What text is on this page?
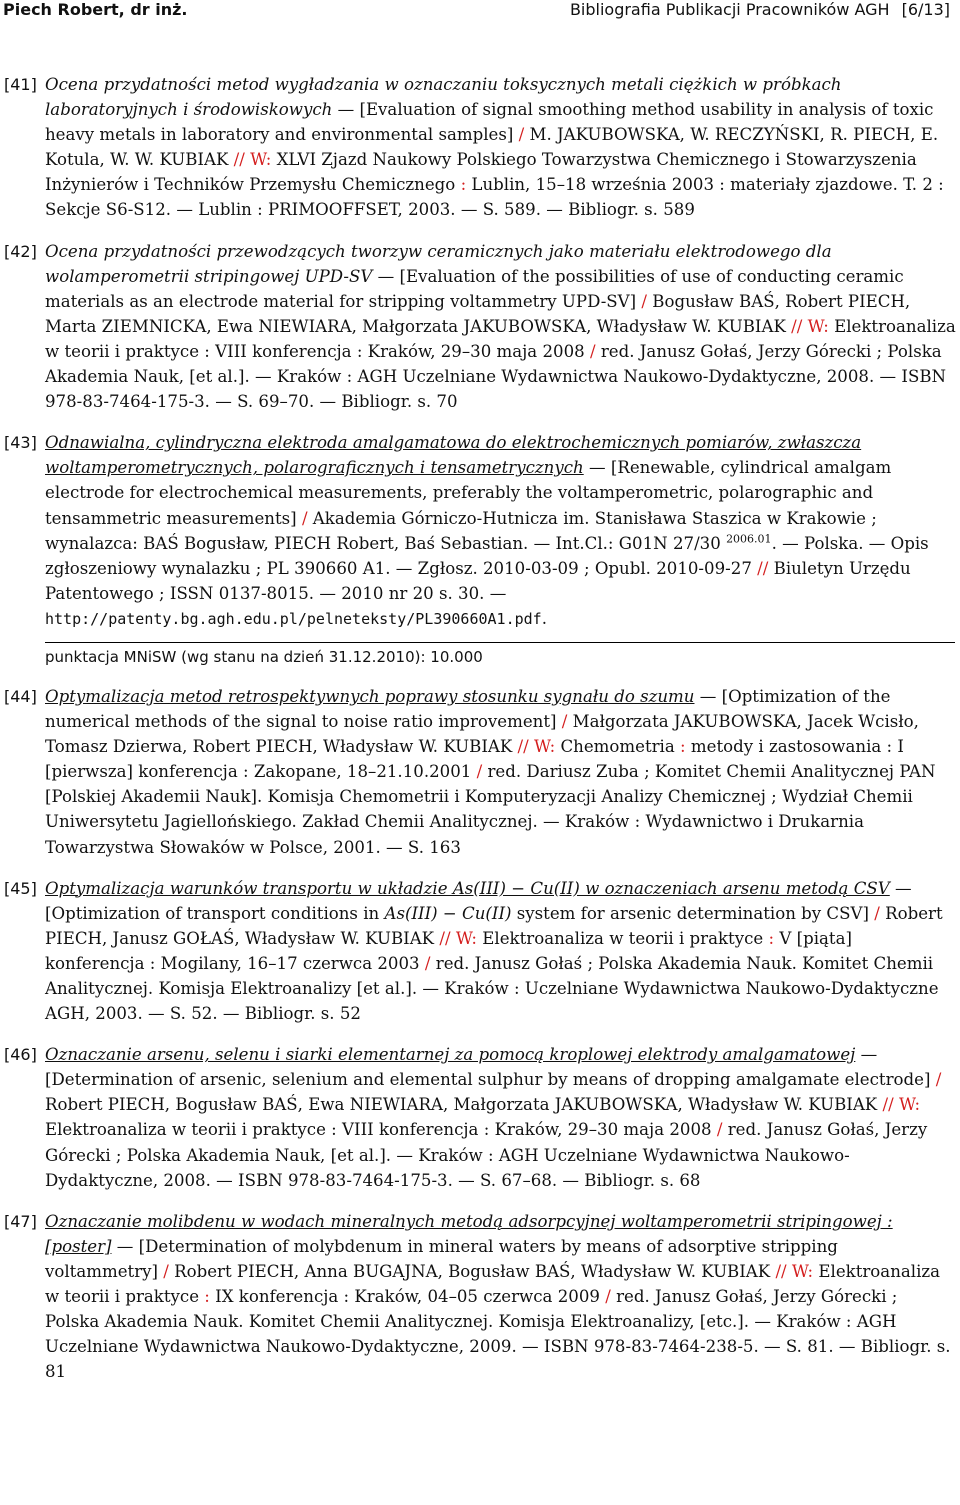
Piech Robert, dr inż.	Bibliografia Publikacji Pracowników AGH [6/13]
[41] Ocena przydatności metod wygładzania w oznaczaniu toksycznych metali ciężkich w próbkach laboratoryjnych i środowiskowych — [Evaluation of signal smoothing method usability in analysis of toxic heavy metals in laboratory and environmental samples] / M. JAKUBOWSKA, W. RECZYŃSKI, R. PIECH, E. Kotula, W. W. KUBIAK // W: XLVI Zjazd Naukowy Polskiego Towarzystwa Chemicznego i Stowarzyszenia Inżynierów i Techników Przemysłu Chemicznego : Lublin, 15–18 września 2003 : materiały zjazdowe. T. 2 : Sekcje S6-S12. — Lublin : PRIMOOFFSET, 2003. — S. 589. — Bibliogr. s. 589
[42] Ocena przydatności przewodzących tworzyw ceramicznych jako materiału elektrodowego dla wolamperometrii stripingowej UPD-SV — [Evaluation of the possibilities of use of conducting ceramic materials as an electrode material for stripping voltammetry UPD-SV] / Bogusław BAŚ, Robert PIECH, Marta ZIEMNICKA, Ewa NIEWIARA, Małgorzata JAKUBOWSKA, Władysław W. KUBIAK // W: Elektroanaliza w teorii i praktyce : VIII konferencja : Kraków, 29–30 maja 2008 / red. Janusz Gołaś, Jerzy Górecki ; Polska Akademia Nauk, [et al.]. — Kraków : AGH Uczelniane Wydawnictwa Naukowo-Dydaktyczne, 2008. — ISBN 978-83-7464-175-3. — S. 69–70. — Bibliogr. s. 70
[43] Odnawialna, cylindryczna elektroda amalgamatowa do elektrochemicznych pomiarów, zwłaszcza woltamperometrycznych, polarograficznych i tensametrycznych — [Renewable, cylindrical amalgam electrode for electrochemical measurements, preferably the voltamperometric, polarographic and tensammetric measurements] / Akademia Górniczo-Hutnicza im. Stanisława Staszica w Krakowie ; wynalazca: BAŚ Bogusław, PIECH Robert, Baś Sebastian. — Int.Cl.: G01N 27/30 $^{2006.01}$. — Polska. — Opis zgłoszeniowy wynalazku ; PL 390660 A1. — Zgłosz. 2010-03-09 ; Opubl. 2010-09-27 // Biuletyn Urzędu Patentowego ; ISSN 0137-8015. — 2010 nr 20 s. 30. — http://patenty.bg.agh.edu.pl/pelneteksty/PL390660A1.pdf.
punktacja MNiSW (wg stanu na dzień 31.12.2010): 10.000
[44] Optymalizacja metod retrospektywnych poprawy stosunku sygnału do szumu — [Optimization of the numerical methods of the signal to noise ratio improvement] / Małgorzata JAKUBOWSKA, Jacek Wcisło, Tomasz Dzierwa, Robert PIECH, Władysław W. KUBIAK // W: Chemometria : metody i zastosowania : I [pierwsza] konferencja : Zakopane, 18–21.10.2001 / red. Dariusz Zuba ; Komitet Chemii Analitycznej PAN [Polskiej Akademii Nauk]. Komisja Chemometrii i Komputeryzacji Analizy Chemicznej ; Wydział Chemii Uniwersytetu Jagiellońskiego. Zakład Chemii Analitycznej. — Kraków : Wydawnictwo i Drukarnia Towarzystwa Słowaków w Polsce, 2001. — S. 163
[45] Optymalizacja warunków transportu w układzie As(III) − Cu(II) w oznaczeniach arsenu metodą CSV — [Optimization of transport conditions in As(III) − Cu(II) system for arsenic determination by CSV] / Robert PIECH, Janusz GOŁAŚ, Władysław W. KUBIAK // W: Elektroanaliza w teorii i praktyce : V [piąta] konferencja : Mogilany, 16–17 czerwca 2003 / red. Janusz Gołaś ; Polska Akademia Nauk. Komitet Chemii Analitycznej. Komisja Elektroanalizy [et al.]. — Kraków : Uczelniane Wydawnictwa Naukowo-Dydaktyczne AGH, 2003. — S. 52. — Bibliogr. s. 52
[46] Oznaczanie arsenu, selenu i siarki elementarnej za pomocą kroplowej elektrody amalgamatowej — [Determination of arsenic, selenium and elemental sulphur by means of dropping amalgamate electrode] / Robert PIECH, Bogusław BAŚ, Ewa NIEWIARA, Małgorzata JAKUBOWSKA, Władysław W. KUBIAK // W: Elektroanaliza w teorii i praktyce : VIII konferencja : Kraków, 29–30 maja 2008 / red. Janusz Gołaś, Jerzy Górecki ; Polska Akademia Nauk, [et al.]. — Kraków : AGH Uczelniane Wydawnictwa Naukowo-Dydaktyczne, 2008. — ISBN 978-83-7464-175-3. — S. 67–68. — Bibliogr. s. 68
[47] Oznaczanie molibdenu w wodach mineralnych metodą adsorpcyjnej woltamperometrii stripingowej : [poster] — [Determination of molybdenum in mineral waters by means of adsorptive stripping voltammetry] / Robert PIECH, Anna BUGAJNA, Bogusław BAŚ, Władysław W. KUBIAK // W: Elektroanaliza w teorii i praktyce : IX konferencja : Kraków, 04–05 czerwca 2009 / red. Janusz Gołaś, Jerzy Górecki ; Polska Akademia Nauk. Komitet Chemii Analitycznej. Komisja Elektroanalizy, [etc.]. — Kraków : AGH Uczelniane Wydawnictwa Naukowo-Dydaktyczne, 2009. — ISBN 978-83-7464-238-5. — S. 81. — Bibliogr. s. 81
